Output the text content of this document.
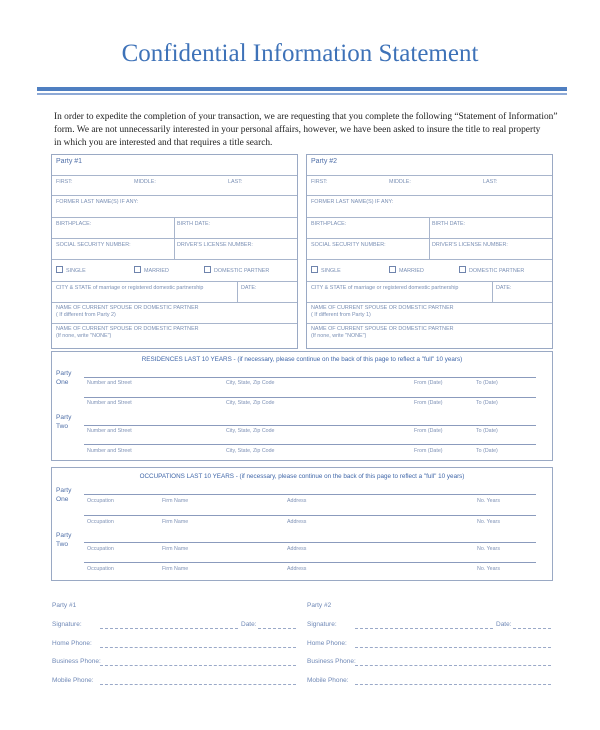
Confidential Information Statement
In order to expedite the completion of your transaction, we are requesting that you complete the following “Statement of Information”
form. We are not unnecessarily interested in your personal affairs, however, we have been asked to insure the title to real property
in which you are interested and that requires a title search.
Party #1
FIRST:	MIDDLE:	LAST:
FORMER LAST NAME(S) IF ANY:
BIRTHPLACE:	BIRTH DATE:
SOCIAL SECURITY NUMBER:	DRIVER'S LICENSE NUMBER:
SINGLE	MARRIED	DOMESTIC PARTNER
CITY & STATE of marriage or registered domestic partnership	DATE:
NAME OF CURRENT SPOUSE OR DOMESTIC PARTNER
( If different from Party 2)
NAME OF CURRENT SPOUSE OR DOMESTIC PARTNER
(If none, write "NONE")
Party #2
FIRST:	MIDDLE:	LAST:
FORMER LAST NAME(S) IF ANY:
BIRTHPLACE:	BIRTH DATE:
SOCIAL SECURITY NUMBER:	DRIVER'S LICENSE NUMBER:
SINGLE	MARRIED	DOMESTIC PARTNER
CITY & STATE of marriage or registered domestic partnership	DATE:
NAME OF CURRENT SPOUSE OR DOMESTIC PARTNER
( If different from Party 1)
NAME OF CURRENT SPOUSE OR DOMESTIC PARTNER
(If none, write "NONE")
RESIDENCES LAST 10 YEARS - (if necessary, please continue on the back of this page to reflect a "full" 10 years)
Party
One	Number and Street	City, State, Zip Code	From (Date)	To (Date)
Number and Street	City, State, Zip Code	From (Date)	To (Date)
Party
Two
Number and Street	City, State, Zip Code	From (Date)	To (Date)
Number and Street	City, State, Zip Code	From (Date)	To (Date)
OCCUPATIONS LAST 10 YEARS - (if necessary, please continue on the back of this page to reflect a "full" 10 years)
Party
One	Occupation	Firm Name	Address	No. Years
Occupation	Firm Name	Address	No. Years
Party
Two
Occupation	Firm Name	Address	No. Years
Occupation	Firm Name	Address	No. Years
Party #1
Signature:	Date:
Home Phone:
Business Phone:
Mobile Phone:
Party #2
Signature:	Date:
Home Phone:
Business Phone:
Mobile Phone:
